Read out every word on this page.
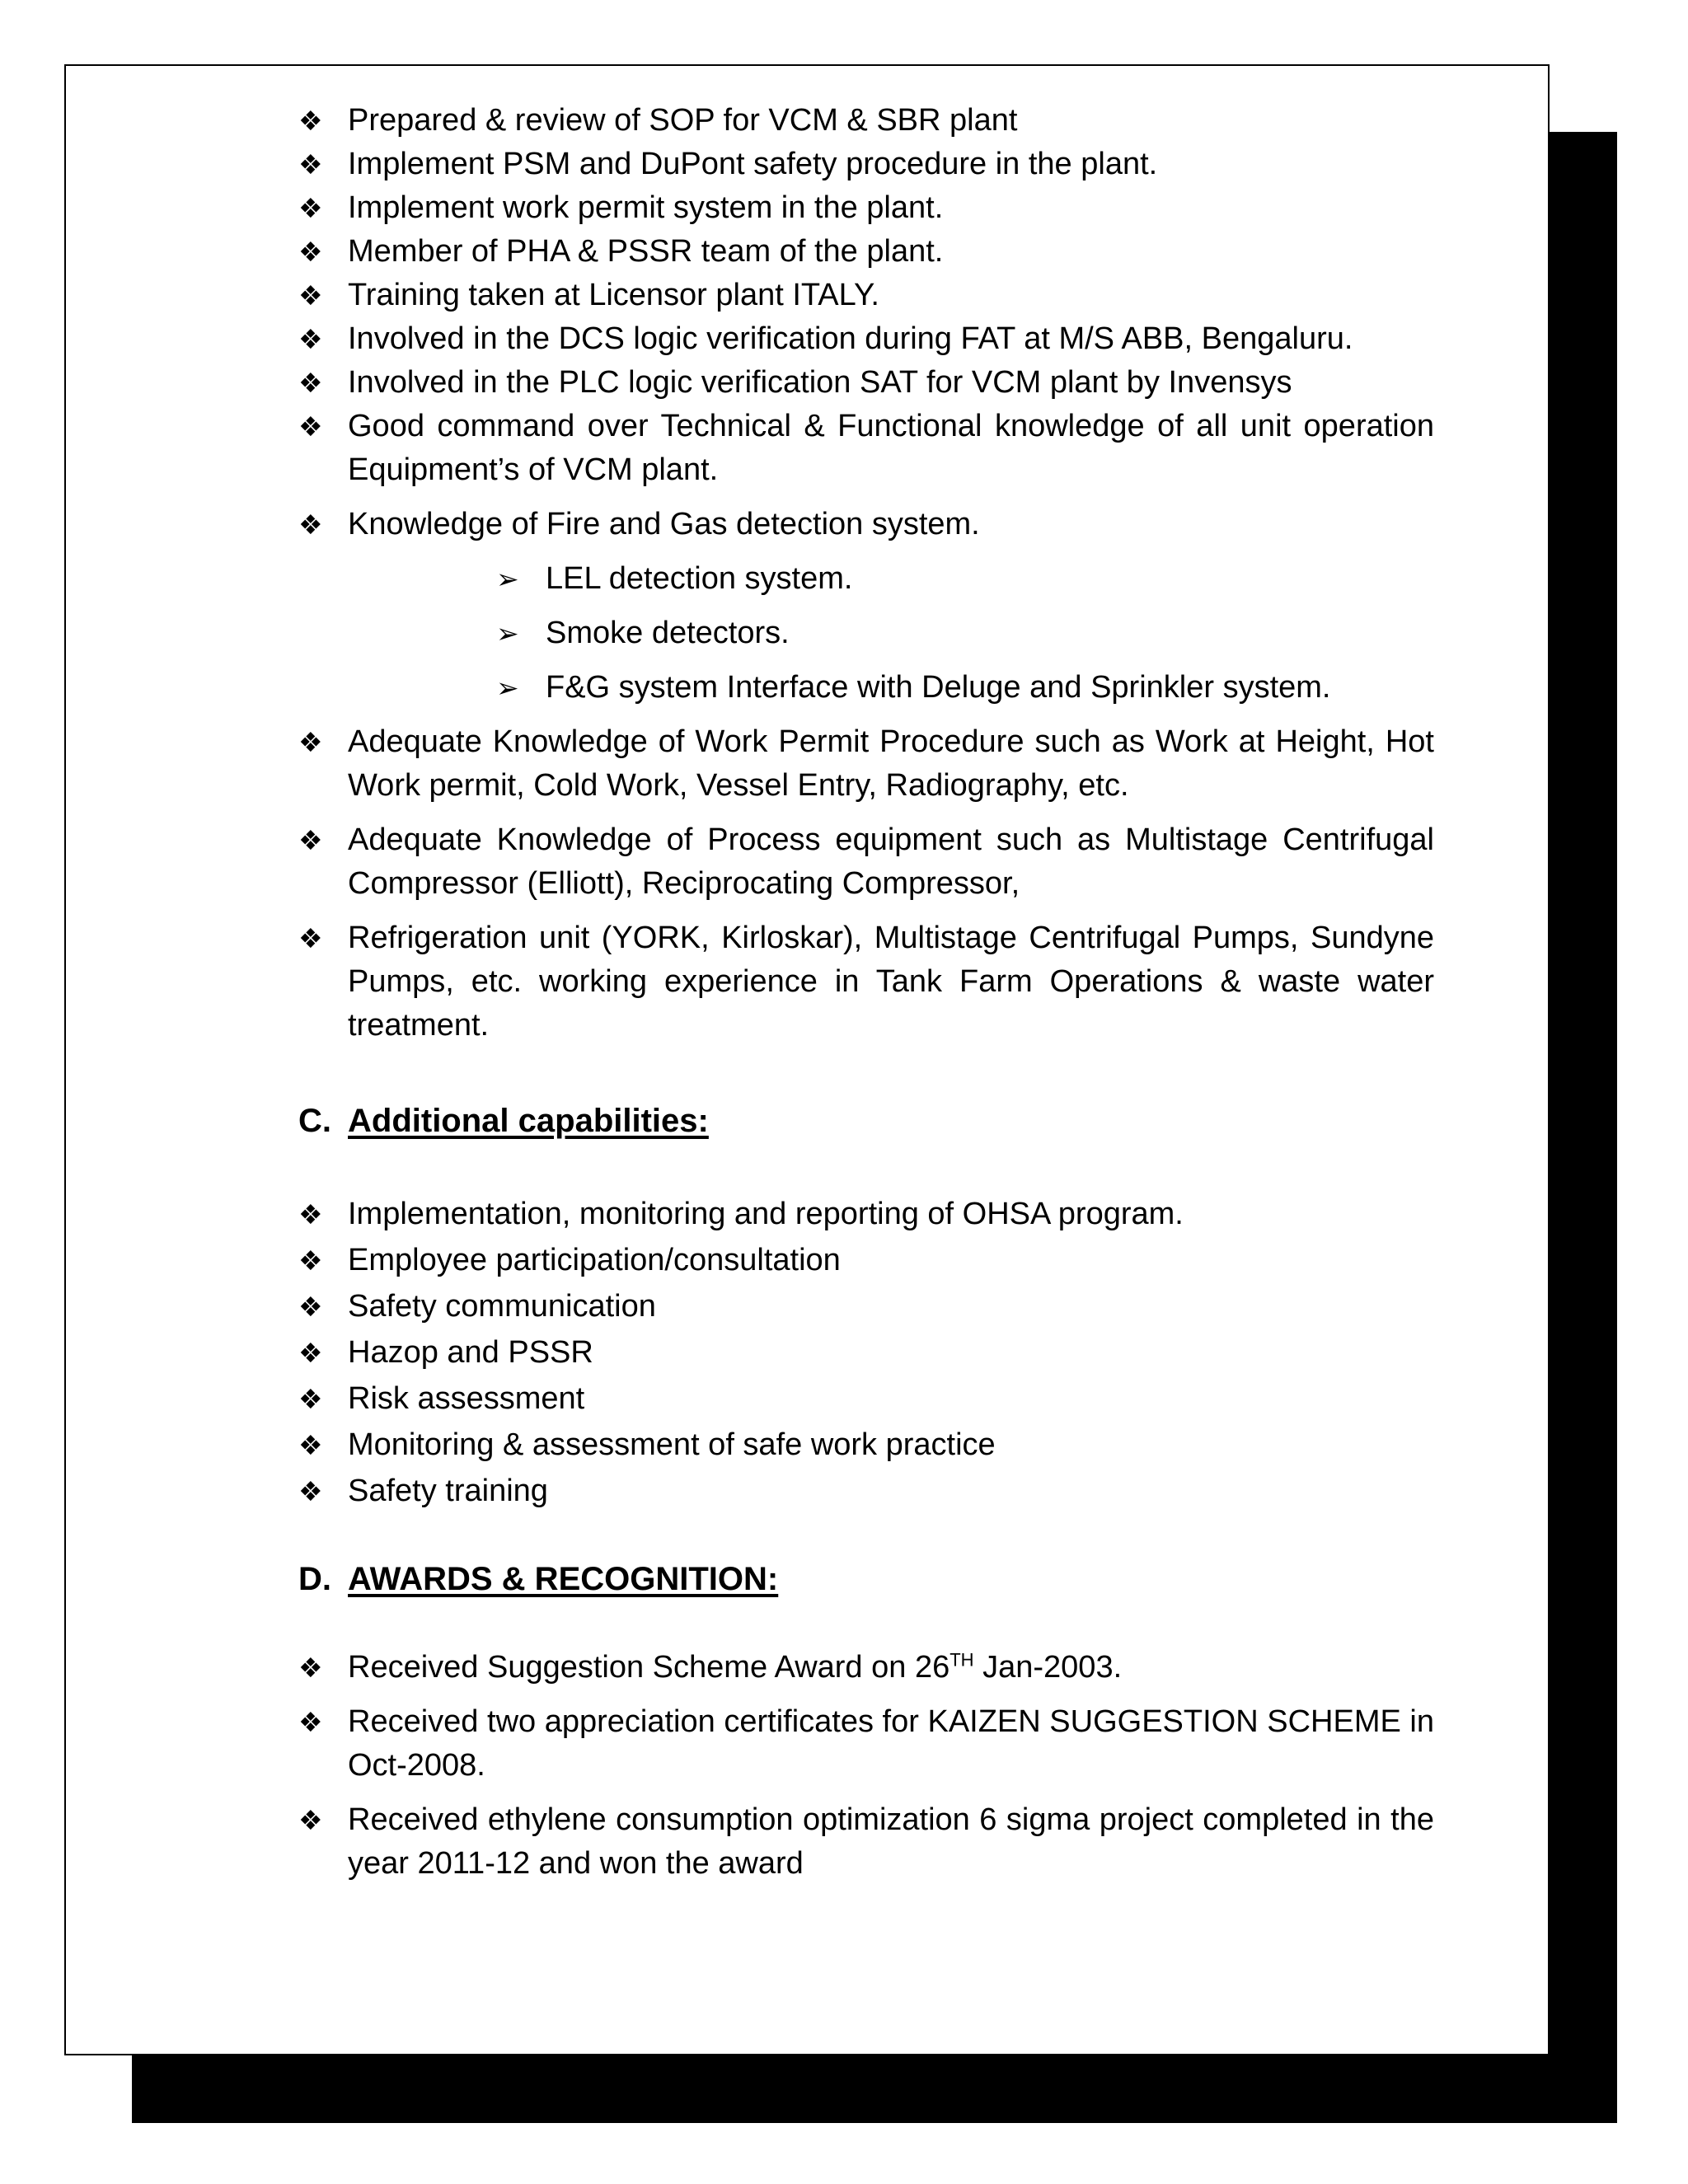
❖ Prepared & review of SOP for VCM & SBR plant
❖ Implement PSM and DuPont safety procedure in the plant.
❖ Implement work permit system in the plant.
❖ Member of PHA & PSSR team of the plant.
❖ Training taken at Licensor plant ITALY.
❖ Involved in the DCS logic verification during FAT at M/S ABB, Bengaluru.
❖ Involved in the PLC logic verification SAT for VCM plant by Invensys
❖ Good command over Technical & Functional knowledge of all unit operation Equipment’s of VCM plant.
❖ Knowledge of Fire and Gas detection system.
➢ LEL detection system.
➢ Smoke detectors.
➢ F&G system Interface with Deluge and Sprinkler system.
❖ Adequate Knowledge of Work Permit Procedure such as Work at Height, Hot Work permit, Cold Work, Vessel Entry, Radiography, etc.
❖ Adequate Knowledge of Process equipment such as Multistage Centrifugal Compressor (Elliott), Reciprocating Compressor,
❖ Refrigeration unit (YORK, Kirloskar), Multistage Centrifugal Pumps, Sundyne Pumps, etc. working experience in Tank Farm Operations & waste water treatment.
C. Additional capabilities:
❖ Implementation, monitoring and reporting of OHSA program.
❖ Employee participation/consultation
❖ Safety communication
❖ Hazop and PSSR
❖ Risk assessment
❖ Monitoring & assessment of safe work practice
❖ Safety training
D. AWARDS & RECOGNITION:
❖ Received Suggestion Scheme Award on 26TH Jan-2003.
❖ Received two appreciation certificates for KAIZEN SUGGESTION SCHEME in Oct-2008.
❖ Received ethylene consumption optimization 6 sigma project completed in the year 2011-12 and won the award
